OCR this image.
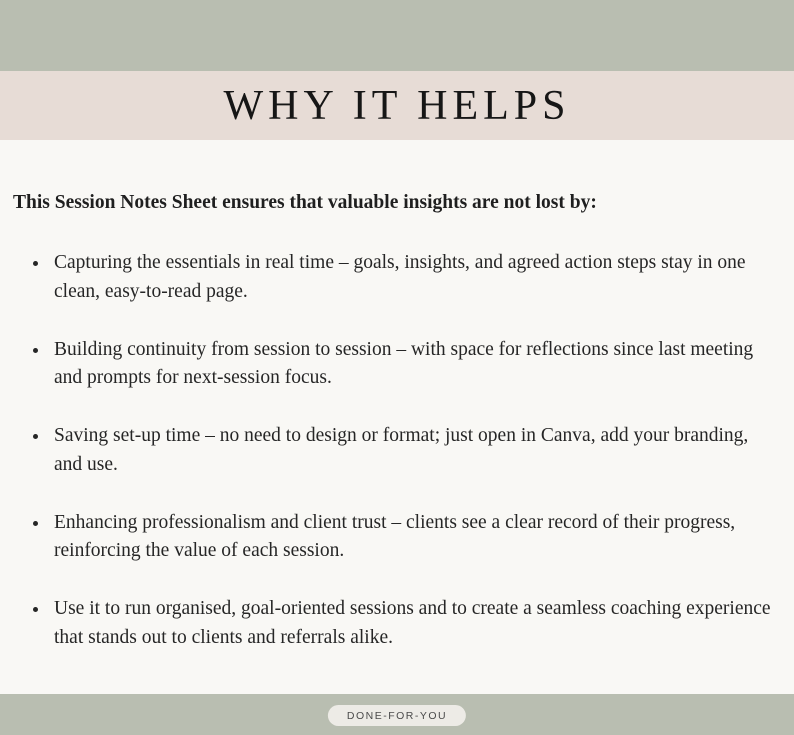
WHY IT HELPS

This Session Notes Sheet ensures that valuable insights are not lost by:

• Capturing the essentials in real time – goals, insights, and agreed action steps stay in one clean, easy-to-read page.
• Building continuity from session to session – with space for reflections since last meeting and prompts for next-session focus.
• Saving set-up time – no need to design or format; just open in Canva, add your branding, and use.
• Enhancing professionalism and client trust – clients see a clear record of their progress, reinforcing the value of each session.
• Use it to run organised, goal-oriented sessions and to create a seamless coaching experience that stands out to clients and referrals alike.
DONE-FOR-YOU
